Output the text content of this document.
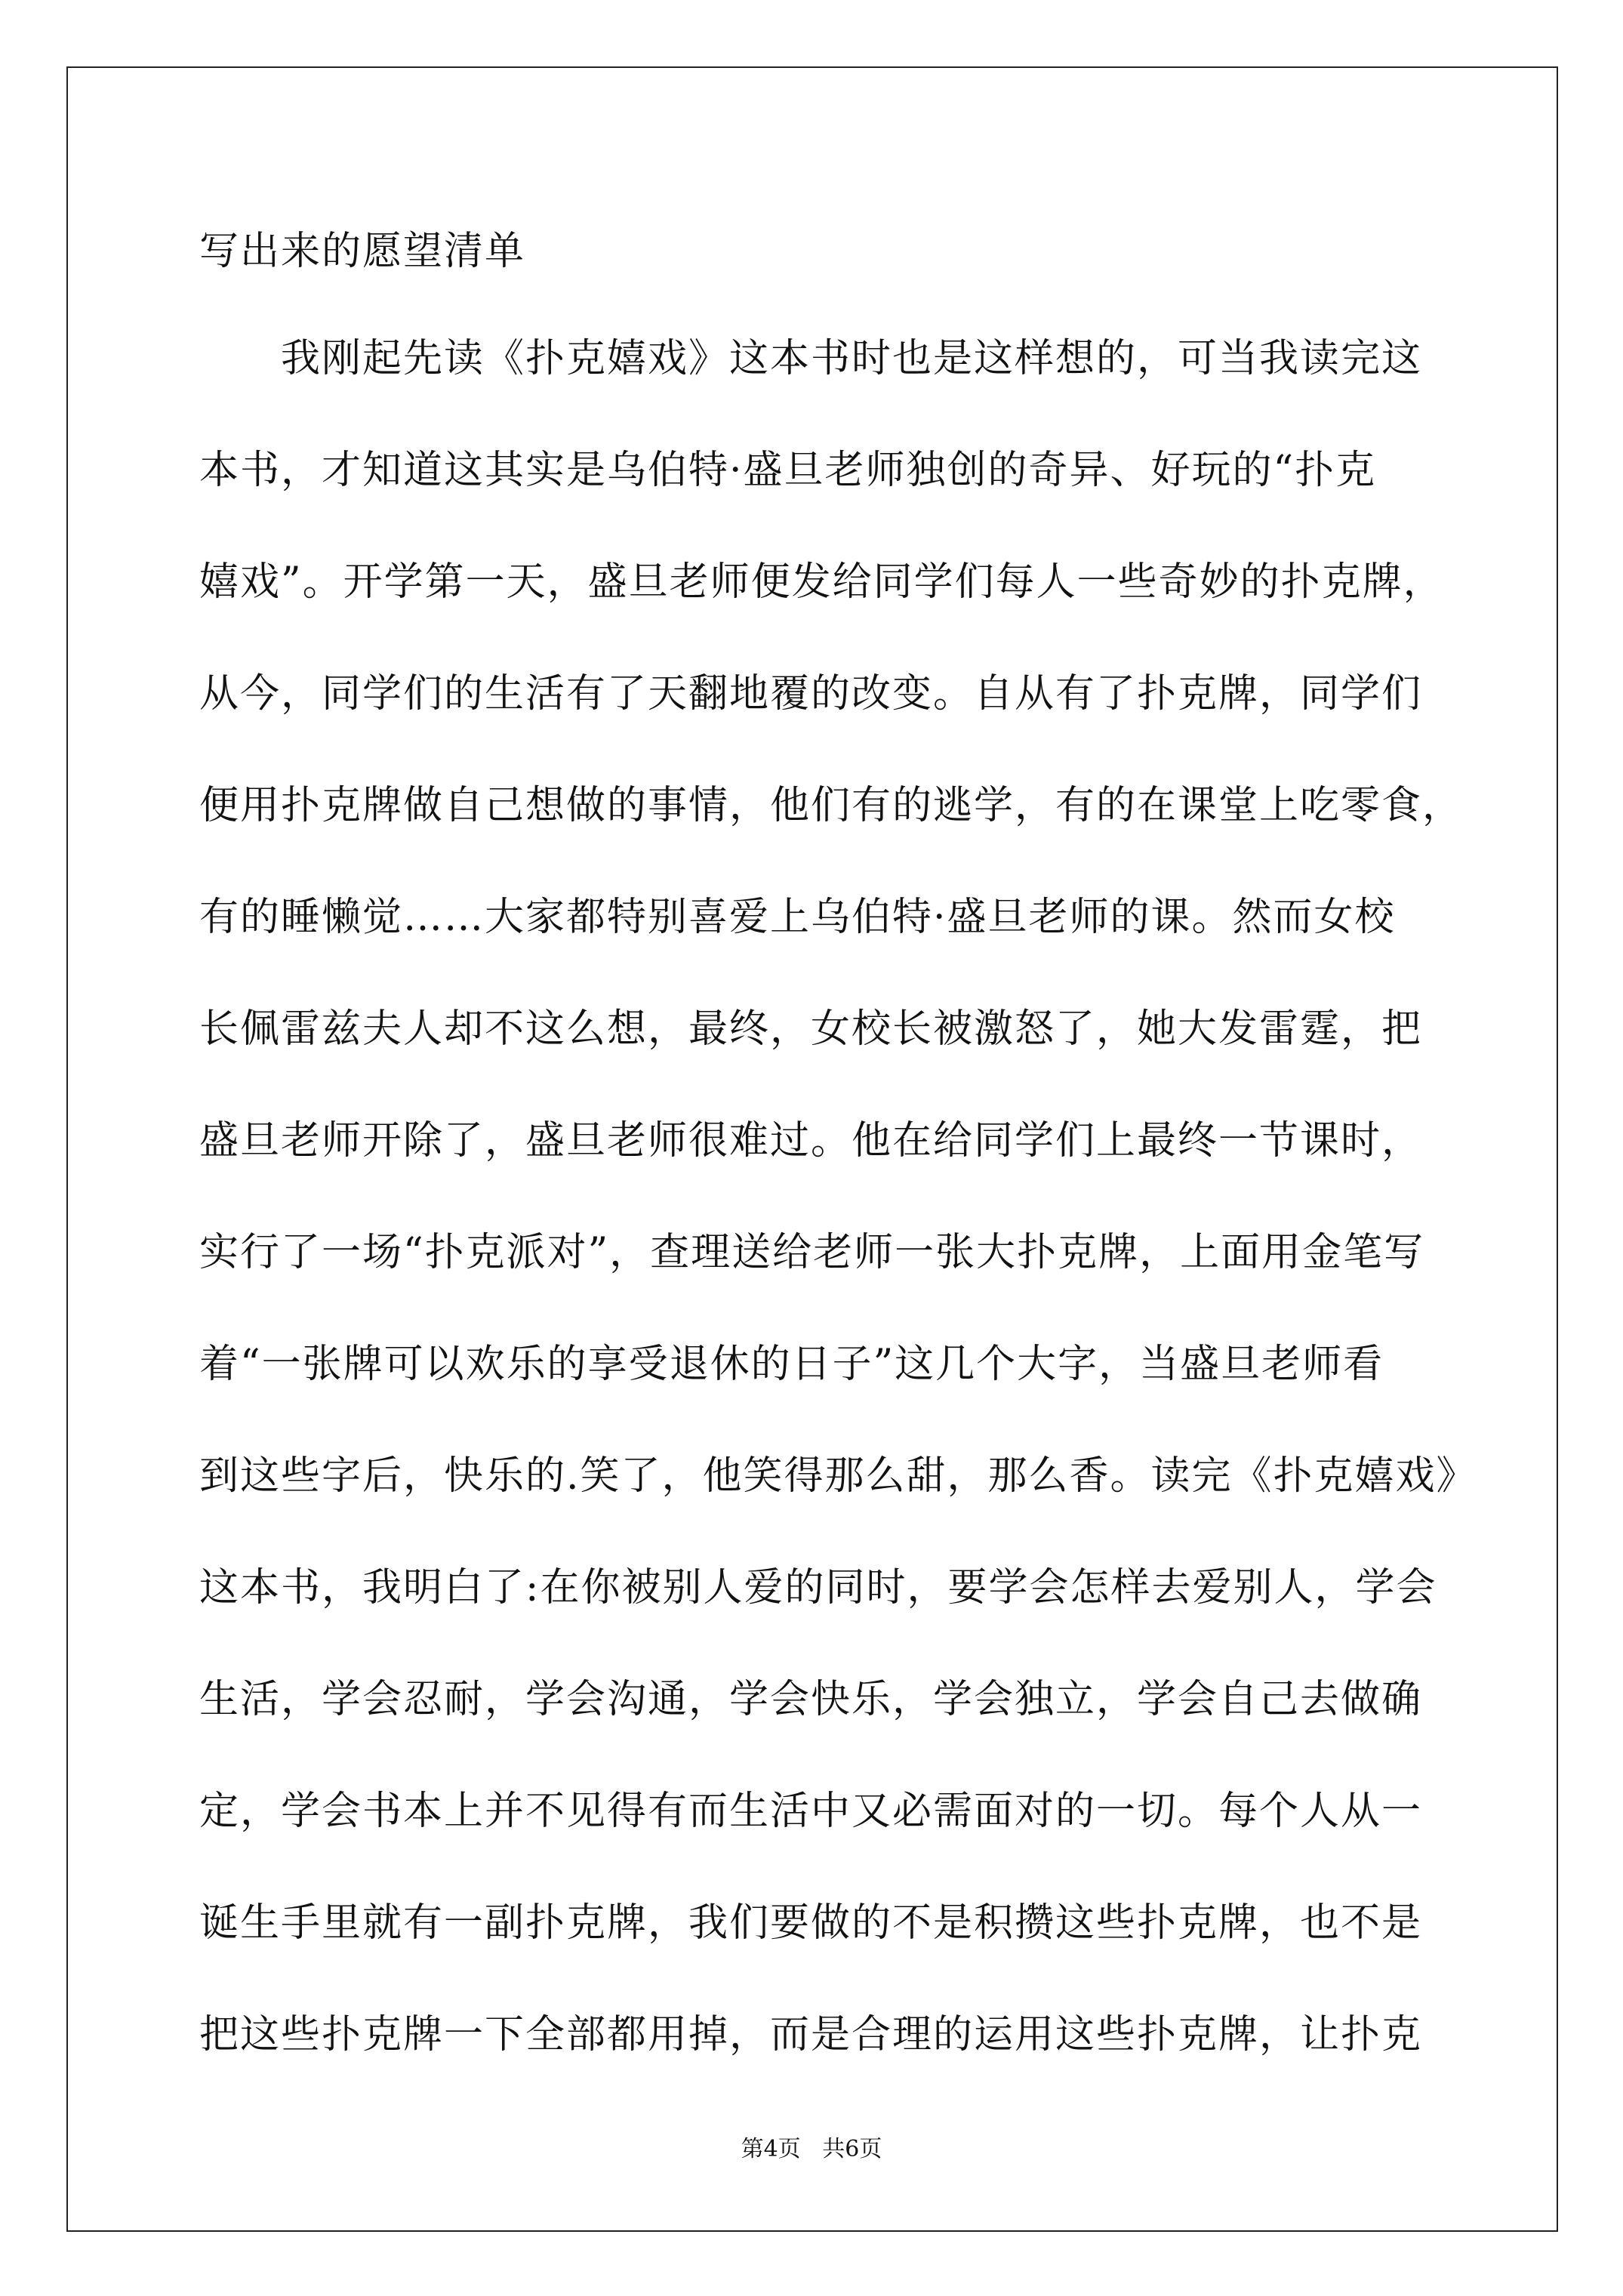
写出来的愿望清单

　　我刚起先读《扑克嬉戏》这本书时也是这样想的，可当我读完这

本书，才知道这其实是乌伯特·盛旦老师独创的奇异、好玩的“扑克

嬉戏”。开学第一天，盛旦老师便发给同学们每人一些奇妙的扑克牌，

从今，同学们的生活有了天翻地覆的改变。自从有了扑克牌，同学们

便用扑克牌做自己想做的事情，他们有的逃学，有的在课堂上吃零食，

有的睡懒觉……大家都特别喜爱上乌伯特·盛旦老师的课。然而女校

长佩雷兹夫人却不这么想，最终，女校长被激怒了，她大发雷霆，把

盛旦老师开除了，盛旦老师很难过。他在给同学们上最终一节课时，

实行了一场“扑克派对”，查理送给老师一张大扑克牌，上面用金笔写

着“一张牌可以欢乐的享受退休的日子”这几个大字，当盛旦老师看

到这些字后，快乐的.笑了，他笑得那么甜，那么香。读完《扑克嬉戏》

这本书，我明白了:在你被别人爱的同时，要学会怎样去爱别人，学会

生活，学会忍耐，学会沟通，学会快乐，学会独立，学会自己去做确

定，学会书本上并不见得有而生活中又必需面对的一切。每个人从一

诞生手里就有一副扑克牌，我们要做的不是积攒这些扑克牌，也不是

把这些扑克牌一下全部都用掉，而是合理的运用这些扑克牌，让扑克

第4页   共6页
